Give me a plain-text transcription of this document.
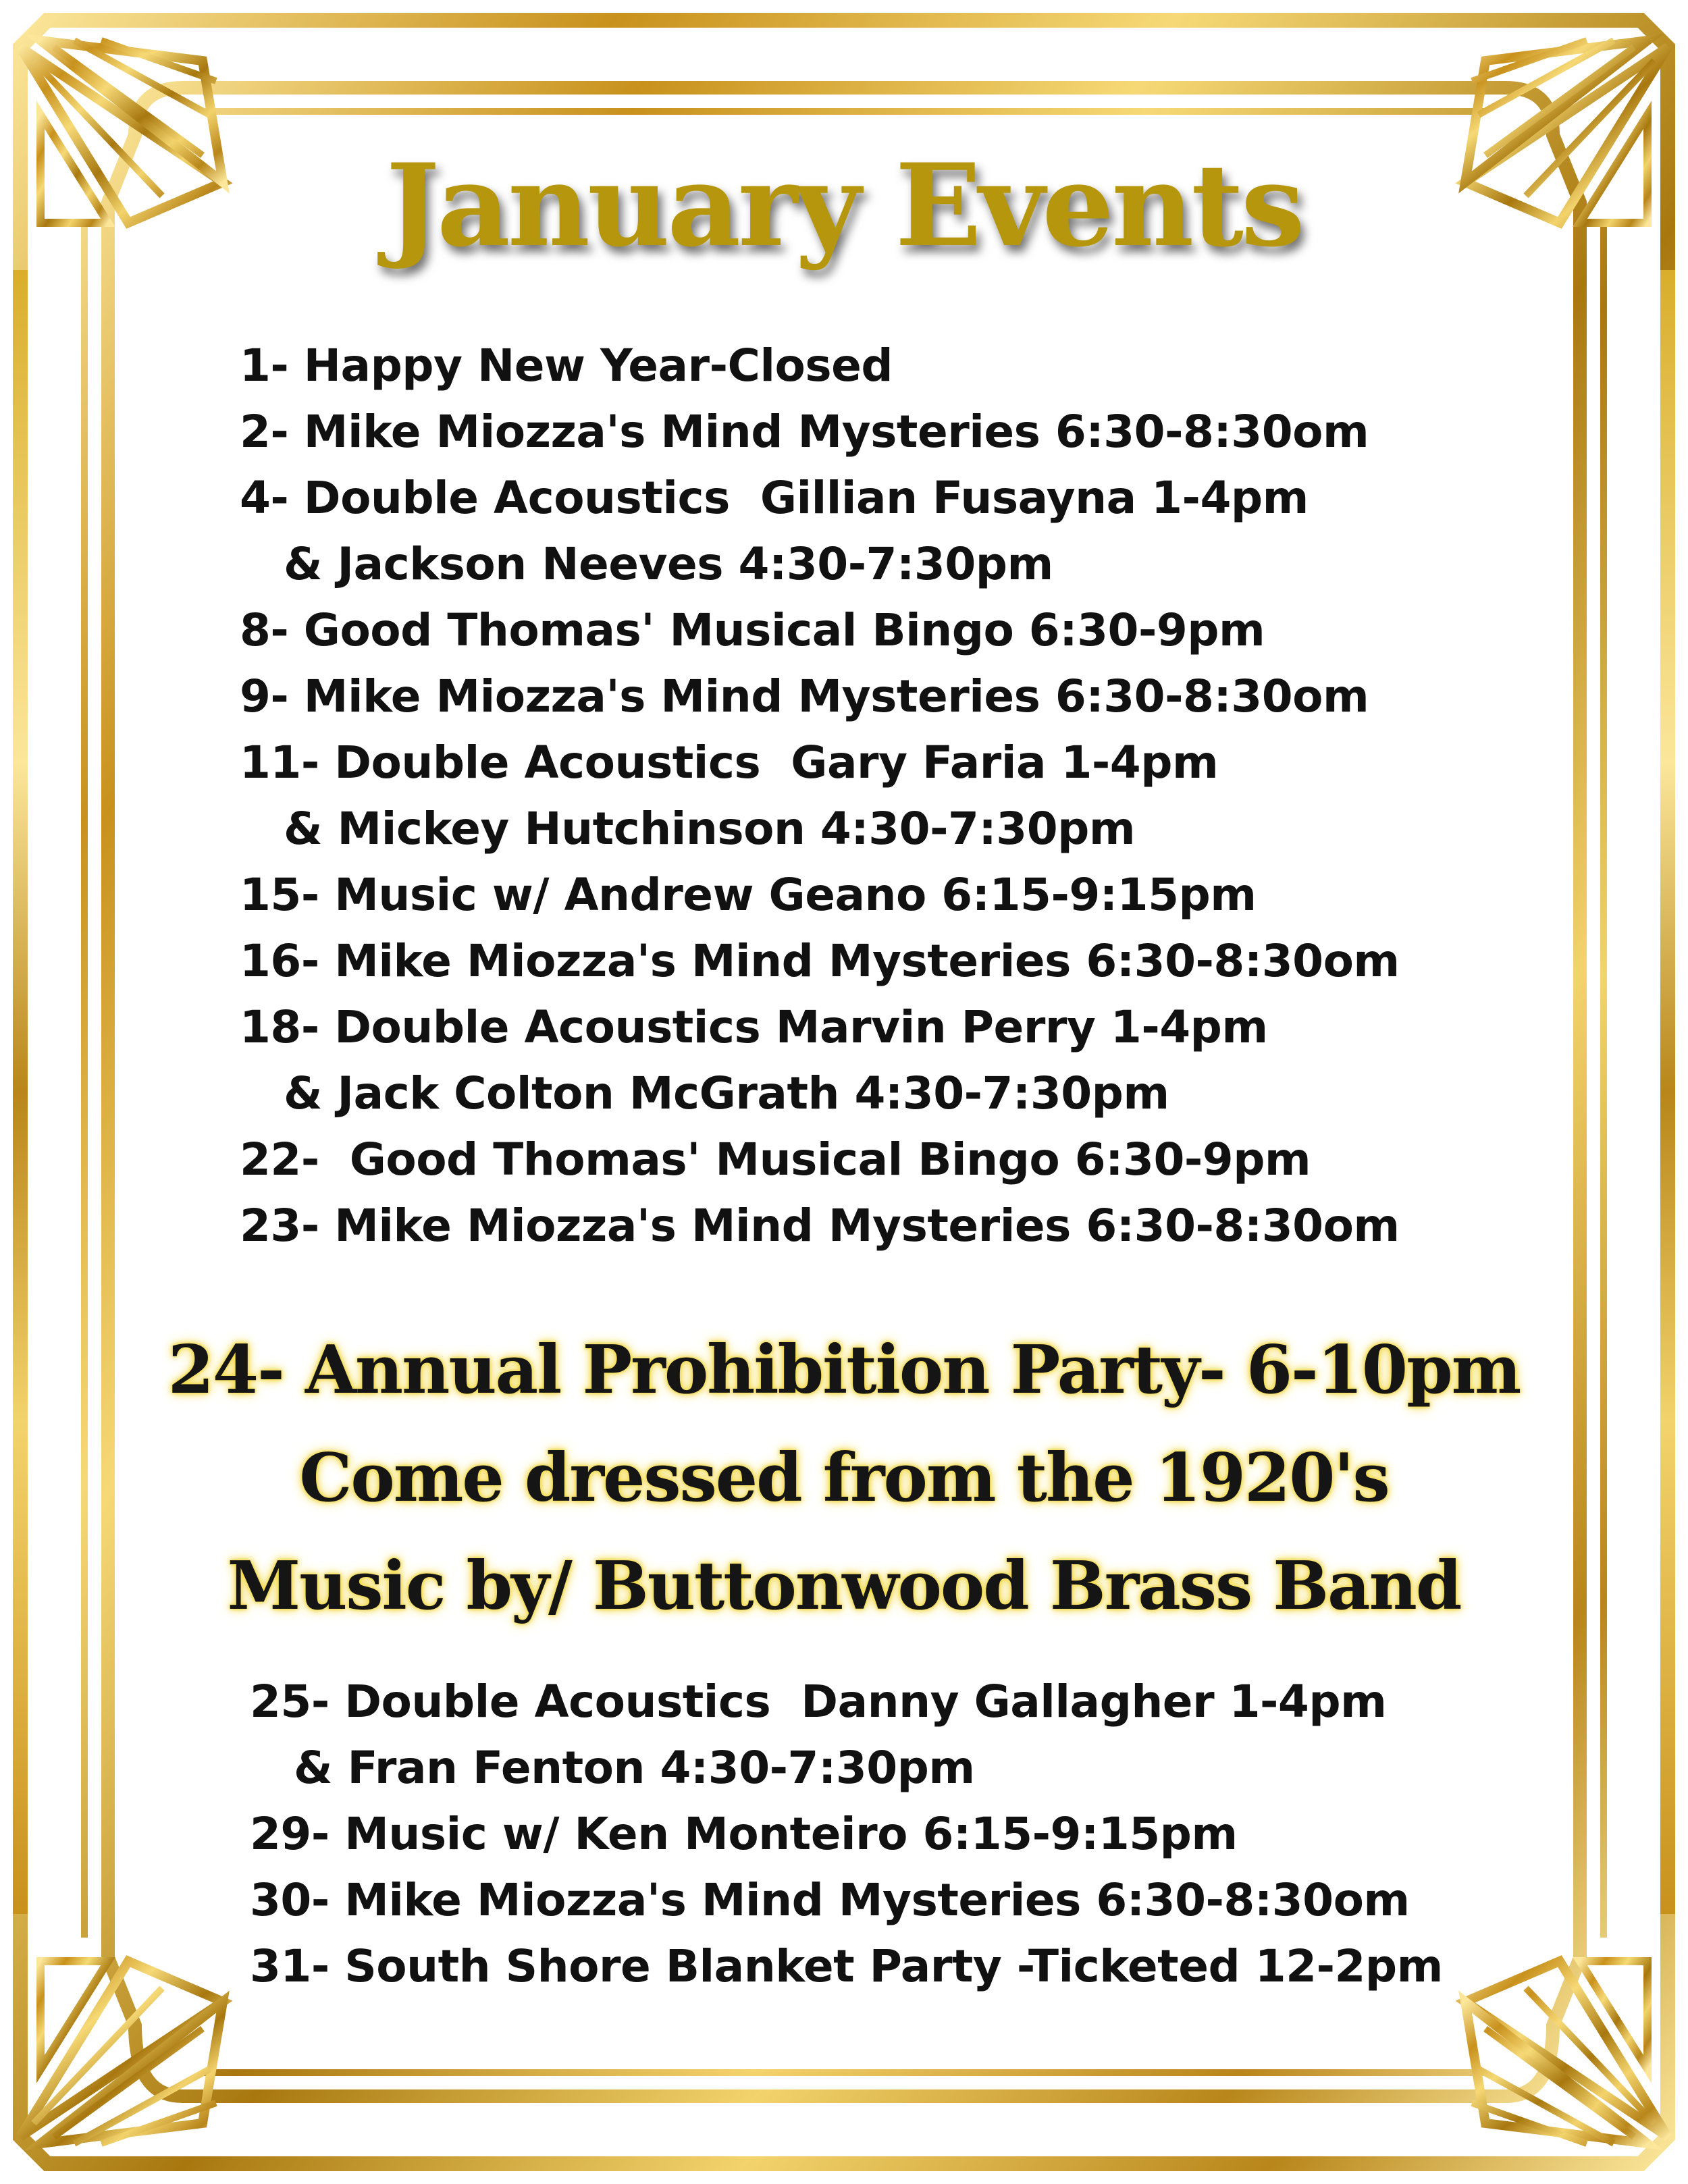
January Events
1- Happy New Year-Closed
2- Mike Miozza's Mind Mysteries 6:30-8:30om
4- Double Acoustics  Gillian Fusayna 1-4pm
& Jackson Neeves 4:30-7:30pm
8- Good Thomas' Musical Bingo 6:30-9pm
9- Mike Miozza's Mind Mysteries 6:30-8:30om
11- Double Acoustics  Gary Faria 1-4pm
& Mickey Hutchinson 4:30-7:30pm
15- Music w/ Andrew Geano 6:15-9:15pm
16- Mike Miozza's Mind Mysteries 6:30-8:30om
18- Double Acoustics Marvin Perry 1-4pm
& Jack Colton McGrath 4:30-7:30pm
22-  Good Thomas' Musical Bingo 6:30-9pm
23- Mike Miozza's Mind Mysteries 6:30-8:30om
24- Annual Prohibition Party- 6-10pm
Come dressed from the 1920's
Music by/ Buttonwood Brass Band
25- Double Acoustics  Danny Gallagher 1-4pm
& Fran Fenton 4:30-7:30pm
29- Music w/ Ken Monteiro 6:15-9:15pm
30- Mike Miozza's Mind Mysteries 6:30-8:30om
31- South Shore Blanket Party -Ticketed 12-2pm
